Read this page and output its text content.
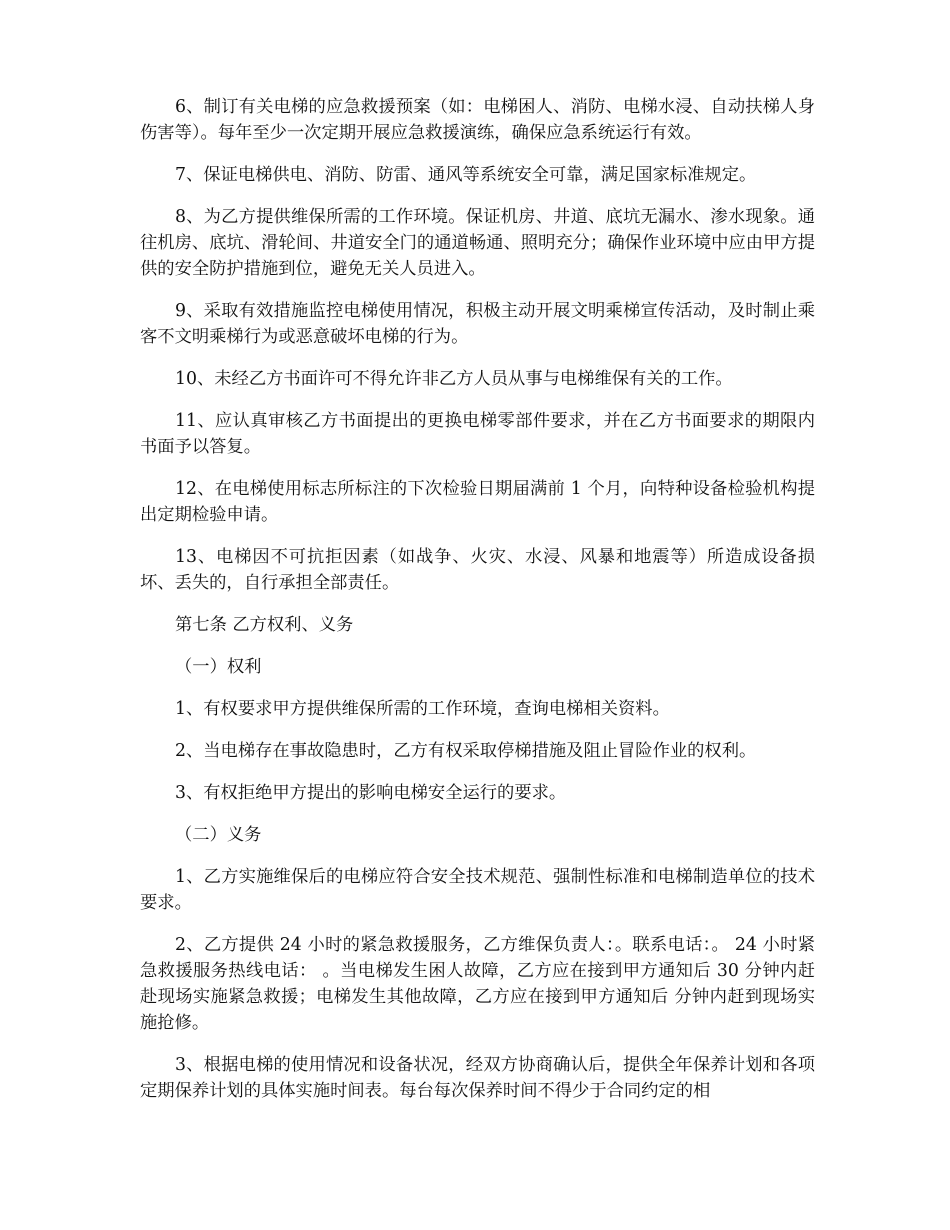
6、制订有关电梯的应急救援预案（如：电梯困人、消防、电梯水浸、自动扶梯人身伤害等）。每年至少一次定期开展应急救援演练，确保应急系统运行有效。

7、保证电梯供电、消防、防雷、通风等系统安全可靠，满足国家标准规定。

8、为乙方提供维保所需的工作环境。保证机房、井道、底坑无漏水、渗水现象。通往机房、底坑、滑轮间、井道安全门的通道畅通、照明充分；确保作业环境中应由甲方提供的安全防护措施到位，避免无关人员进入。

9、采取有效措施监控电梯使用情况，积极主动开展文明乘梯宣传活动，及时制止乘客不文明乘梯行为或恶意破坏电梯的行为。

10、未经乙方书面许可不得允许非乙方人员从事与电梯维保有关的工作。

11、应认真审核乙方书面提出的更换电梯零部件要求，并在乙方书面要求的期限内书面予以答复。

12、在电梯使用标志所标注的下次检验日期届满前 1 个月，向特种设备检验机构提出定期检验申请。

13、电梯因不可抗拒因素（如战争、火灾、水浸、风暴和地震等）所造成设备损坏、丢失的，自行承担全部责任。

第七条 乙方权利、义务

（一）权利

1、有权要求甲方提供维保所需的工作环境，查询电梯相关资料。

2、当电梯存在事故隐患时，乙方有权采取停梯措施及阻止冒险作业的权利。

3、有权拒绝甲方提出的影响电梯安全运行的要求。

（二）义务

1、乙方实施维保后的电梯应符合安全技术规范、强制性标准和电梯制造单位的技术要求。

2、乙方提供 24 小时的紧急救援服务，乙方维保负责人：。联系电话：。 24 小时紧急救援服务热线电话： 。当电梯发生困人故障，乙方应在接到甲方通知后 30 分钟内赶赴现场实施紧急救援；电梯发生其他故障，乙方应在接到甲方通知后 分钟内赶到现场实施抢修。

3、根据电梯的使用情况和设备状况，经双方协商确认后，提供全年保养计划和各项定期保养计划的具体实施时间表。每台每次保养时间不得少于合同约定的相
